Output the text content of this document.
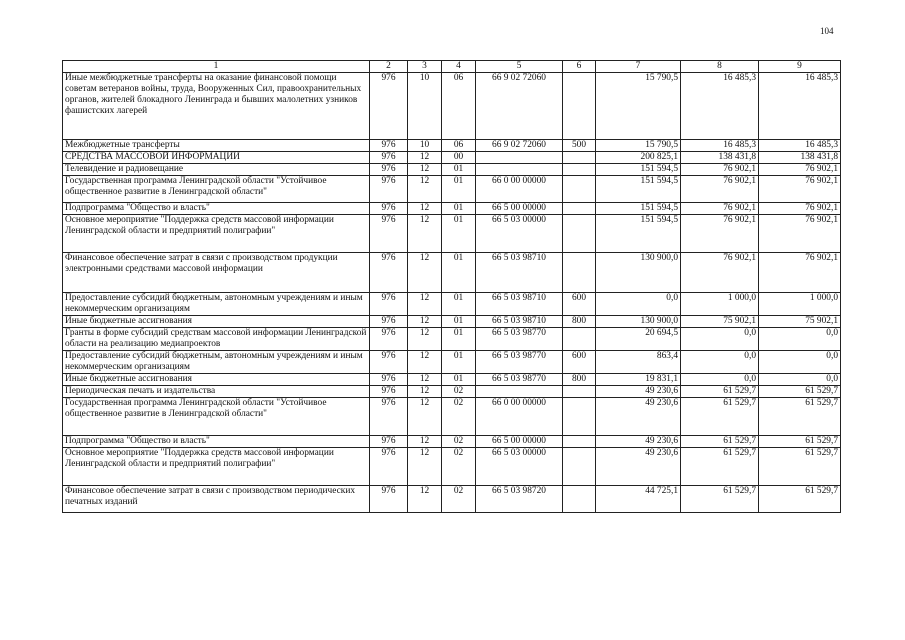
104
1	2	3	4	5	6	7	8	9
Иные межбюджетные трансферты на оказание финансовой помощи советам ветеранов войны, труда, Вооруженных Сил, правоохранительных органов, жителей блокадного Ленинграда и бывших малолетних узников фашистских лагерей	976	10	06	66 9 02 72060		15 790,5	16 485,3	16 485,3
Межбюджетные трансферты	976	10	06	66 9 02 72060	500	15 790,5	16 485,3	16 485,3
СРЕДСТВА МАССОВОЙ ИНФОРМАЦИИ	976	12	00			200 825,1	138 431,8	138 431,8
Телевидение и радиовещание	976	12	01			151 594,5	76 902,1	76 902,1
Государственная программа Ленинградской области "Устойчивое общественное развитие в Ленинградской области"	976	12	01	66 0 00 00000		151 594,5	76 902,1	76 902,1
Подпрограмма "Общество и власть"	976	12	01	66 5 00 00000		151 594,5	76 902,1	76 902,1
Основное мероприятие "Поддержка средств массовой информации Ленинградской области и предприятий полиграфии"	976	12	01	66 5 03 00000		151 594,5	76 902,1	76 902,1
Финансовое обеспечение затрат в связи с производством продукции электронными средствами массовой информации	976	12	01	66 5 03 98710		130 900,0	76 902,1	76 902,1
Предоставление субсидий бюджетным, автономным учреждениям и иным некоммерческим организациям	976	12	01	66 5 03 98710	600	0,0	1 000,0	1 000,0
Иные бюджетные ассигнования	976	12	01	66 5 03 98710	800	130 900,0	75 902,1	75 902,1
Гранты в форме субсидий средствам массовой информации Ленинградской области на реализацию медиапроектов	976	12	01	66 5 03 98770		20 694,5	0,0	0,0
Предоставление субсидий бюджетным, автономным учреждениям и иным некоммерческим организациям	976	12	01	66 5 03 98770	600	863,4	0,0	0,0
Иные бюджетные ассигнования	976	12	01	66 5 03 98770	800	19 831,1	0,0	0,0
Периодическая печать и издательства	976	12	02			49 230,6	61 529,7	61 529,7
Государственная программа Ленинградской области "Устойчивое общественное развитие в Ленинградской области"	976	12	02	66 0 00 00000		49 230,6	61 529,7	61 529,7
Подпрограмма "Общество и власть"	976	12	02	66 5 00 00000		49 230,6	61 529,7	61 529,7
Основное мероприятие "Поддержка средств массовой информации Ленинградской области и предприятий полиграфии"	976	12	02	66 5 03 00000		49 230,6	61 529,7	61 529,7
Финансовое обеспечение затрат в связи с производством периодических печатных изданий	976	12	02	66 5 03 98720		44 725,1	61 529,7	61 529,7
